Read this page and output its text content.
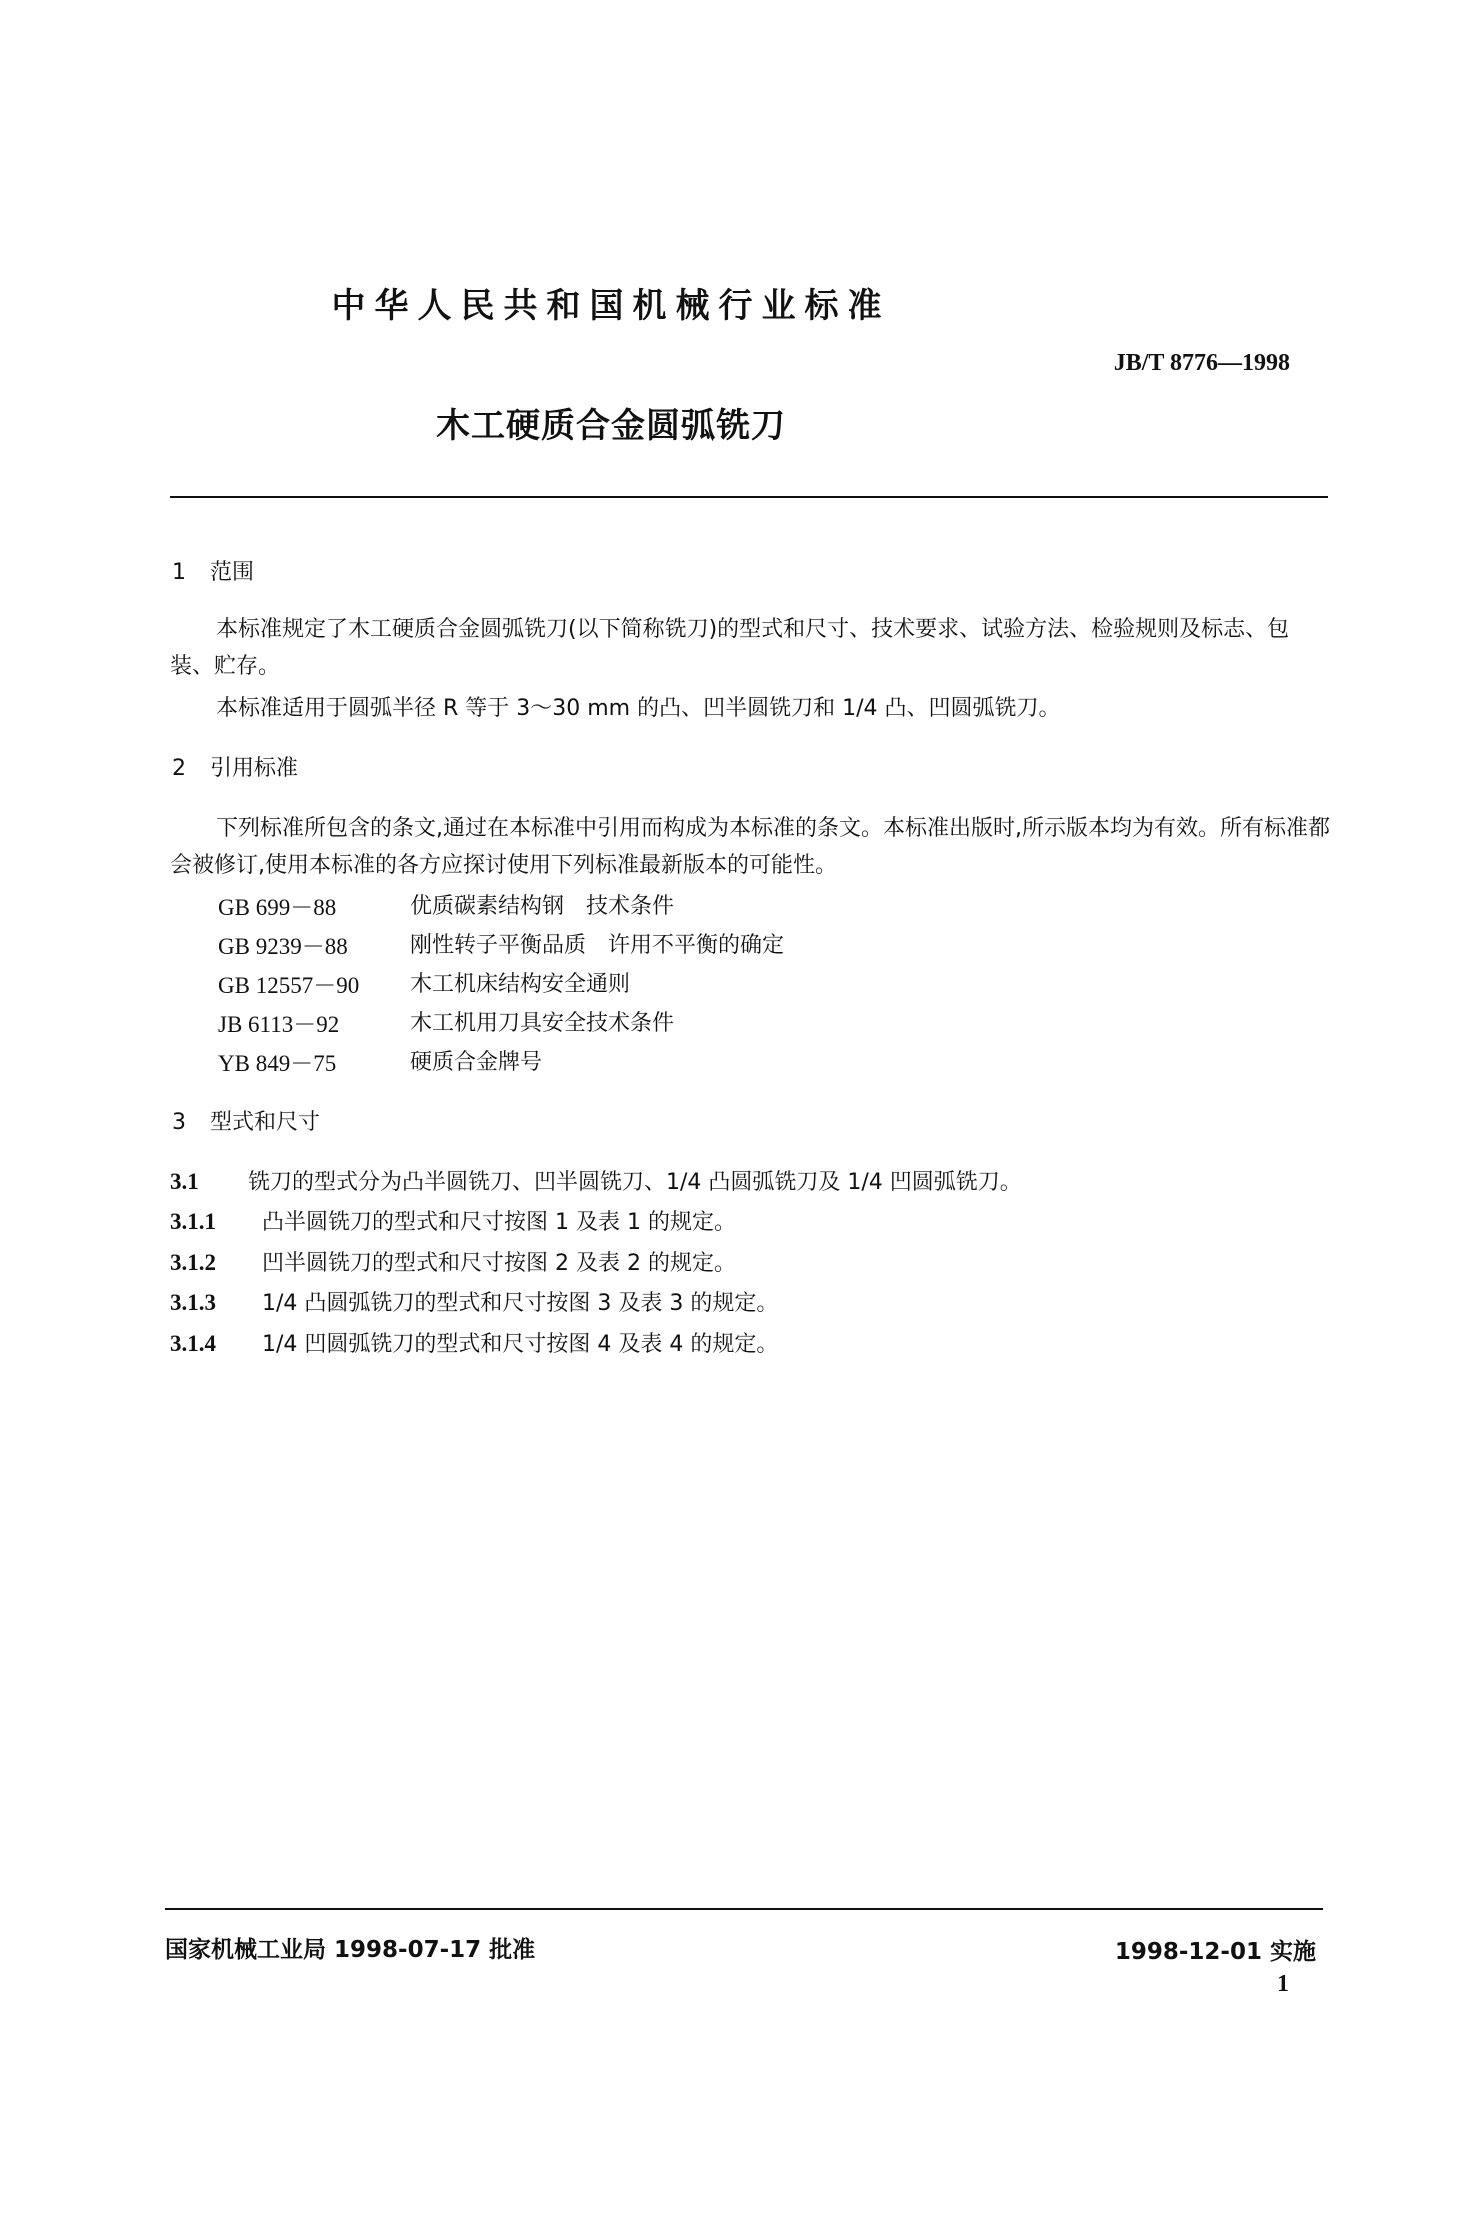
中华人民共和国机械行业标准
JB/T 8776—1998
木工硬质合金圆弧铣刀
1 范围
本标准规定了木工硬质合金圆弧铣刀(以下简称铣刀)的型式和尺寸、技术要求、试验方法、检验规则及标志、包装、贮存。
本标准适用于圆弧半径 R 等于 3～30 mm 的凸、凹半圆铣刀和 1/4 凸、凹圆弧铣刀。
2 引用标准
下列标准所包含的条文,通过在本标准中引用而构成为本标准的条文。本标准出版时,所示版本均为有效。所有标准都会被修订,使用本标准的各方应探讨使用下列标准最新版本的可能性。
GB 699－88	优质碳素结构钢　技术条件
GB 9239－88	刚性转子平衡品质　许用不平衡的确定
GB 12557－90 木工机床结构安全通则
JB 6113－92	木工机用刀具安全技术条件
YB 849－75	硬质合金牌号
3 型式和尺寸
3.1 铣刀的型式分为凸半圆铣刀、凹半圆铣刀、1/4 凸圆弧铣刀及 1/4 凹圆弧铣刀。
3.1.1 凸半圆铣刀的型式和尺寸按图 1 及表 1 的规定。
3.1.2 凹半圆铣刀的型式和尺寸按图 2 及表 2 的规定。
3.1.3 1/4 凸圆弧铣刀的型式和尺寸按图 3 及表 3 的规定。
3.1.4 1/4 凹圆弧铣刀的型式和尺寸按图 4 及表 4 的规定。
国家机械工业局 1998-07-17 批准	1998-12-01 实施
1
